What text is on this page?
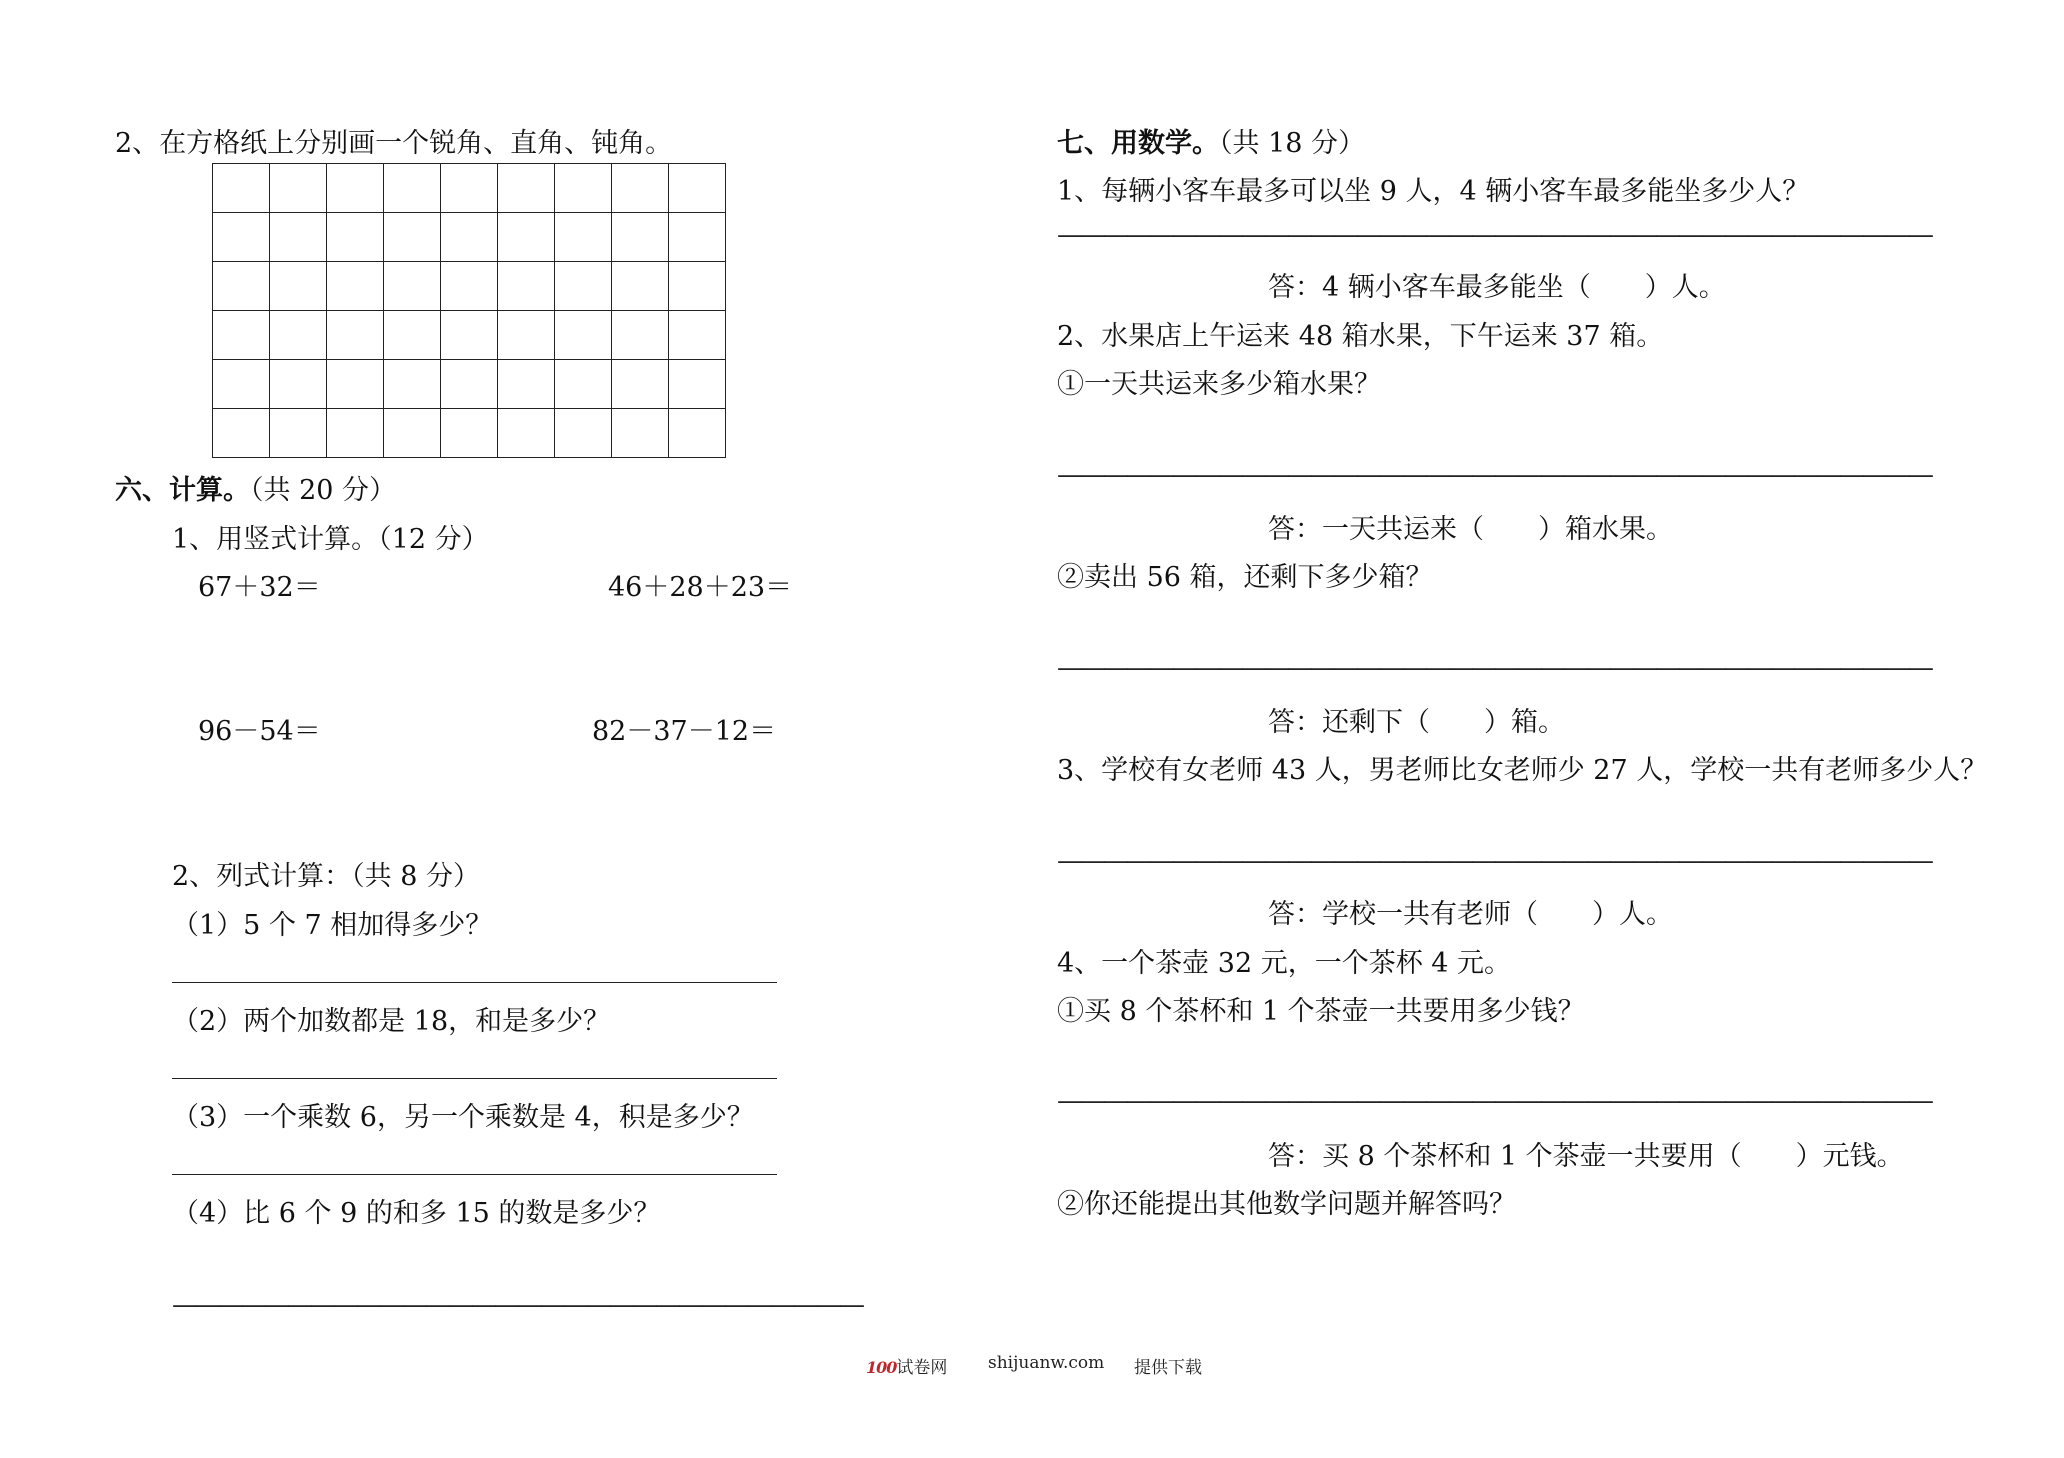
2、在方格纸上分别画一个锐角、直角、钝角。

六、计算。（共 20 分）
1、用竖式计算。（12 分）
67＋32＝	46＋28＋23＝
96－54＝	82－37－12＝
2、列式计算：（共 8 分）
（1）5 个 7 相加得多少？
（2）两个加数都是 18，和是多少？
（3）一个乘数 6，另一个乘数是 4，积是多少？
（4）比 6 个 9 的和多 15 的数是多少？
——————————————————————————————
七、用数学。（共 18 分）
1、每辆小客车最多可以坐 9 人，4 辆小客车最多能坐多少人？
——————————————————————————————————————
答：4 辆小客车最多能坐（　　）人。
2、水果店上午运来 48 箱水果，下午运来 37 箱。
①一天共运来多少箱水果？
——————————————————————————————————————
答：一天共运来（　　）箱水果。
②卖出 56 箱，还剩下多少箱？
——————————————————————————————————————
答：还剩下（　　）箱。
3、学校有女老师 43 人，男老师比女老师少 27 人，学校一共有老师多少人？
——————————————————————————————————————
答：学校一共有老师（　　）人。
4、一个茶壶 32 元，一个茶杯 4 元。
①买 8 个茶杯和 1 个茶壶一共要用多少钱？
——————————————————————————————————————
答：买 8 个茶杯和 1 个茶壶一共要用（　　）元钱。
②你还能提出其他数学问题并解答吗？
100试卷网 shijuanw.com 提供下载
